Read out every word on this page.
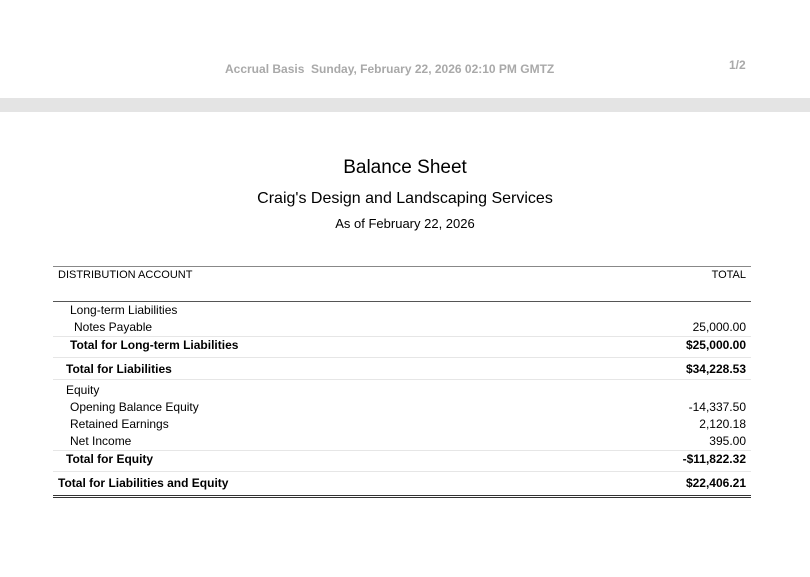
Accrual Basis  Sunday, February 22, 2026 02:10 PM GMTZ	1/2
Balance Sheet
Craig's Design and Landscaping Services
As of February 22, 2026
DISTRIBUTION ACCOUNT	TOTAL
Long-term Liabilities
Notes Payable	25,000.00
Total for Long-term Liabilities	$25,000.00
Total for Liabilities	$34,228.53
Equity
Opening Balance Equity	-14,337.50
Retained Earnings	2,120.18
Net Income	395.00
Total for Equity	-$11,822.32
Total for Liabilities and Equity	$22,406.21
